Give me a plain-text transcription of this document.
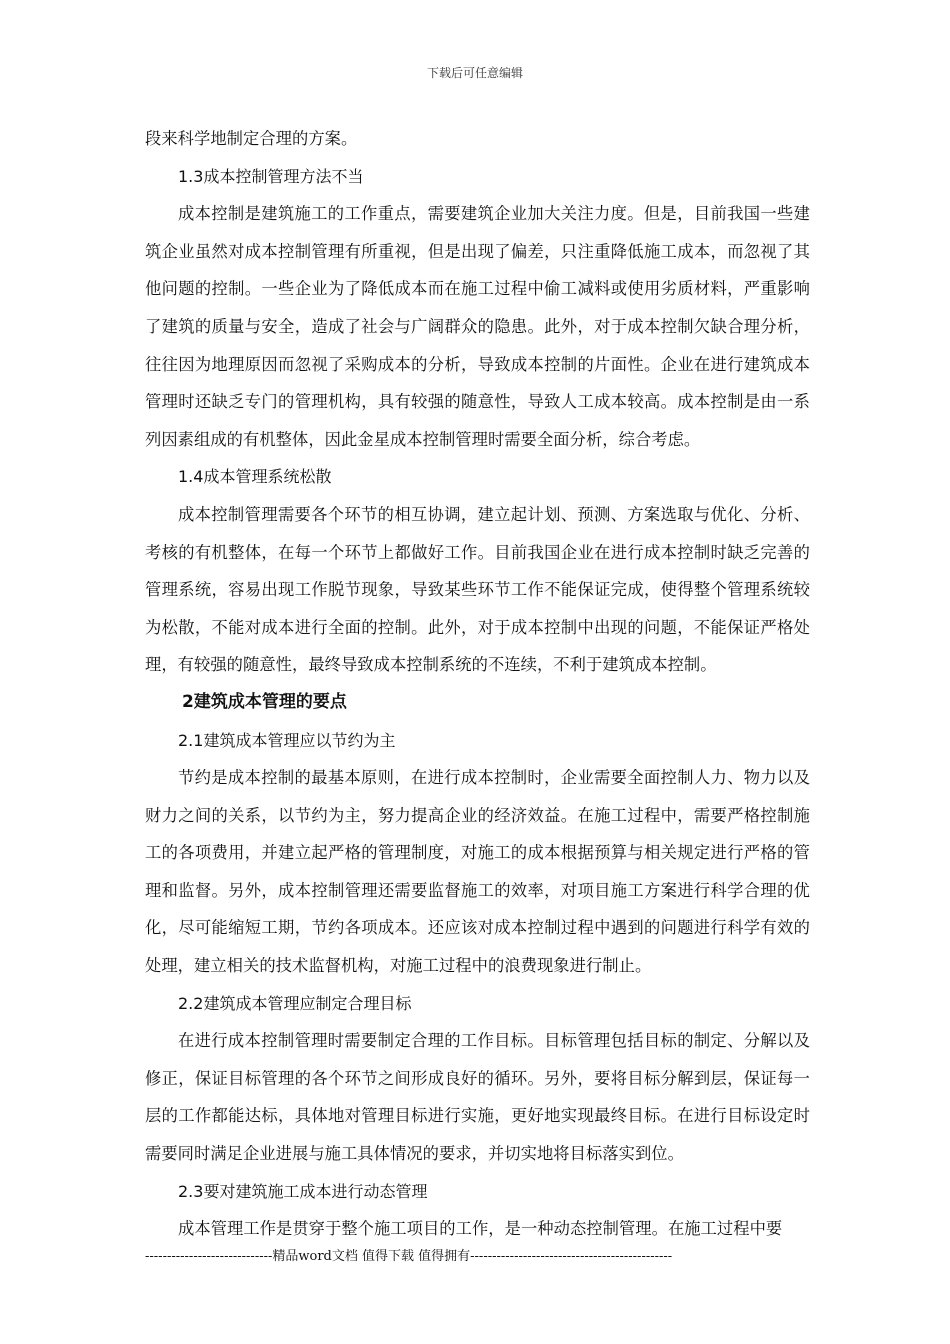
下载后可任意编辑

段来科学地制定合理的方案。

1.3成本控制管理方法不当

成本控制是建筑施工的工作重点，需要建筑企业加大关注力度。但是，目前我国一些建筑企业虽然对成本控制管理有所重视，但是出现了偏差，只注重降低施工成本，而忽视了其他问题的控制。一些企业为了降低成本而在施工过程中偷工减料或使用劣质材料，严重影响了建筑的质量与安全，造成了社会与广阔群众的隐患。此外，对于成本控制欠缺合理分析，往往因为地理原因而忽视了采购成本的分析，导致成本控制的片面性。企业在进行建筑成本管理时还缺乏专门的管理机构，具有较强的随意性，导致人工成本较高。成本控制是由一系列因素组成的有机整体，因此金星成本控制管理时需要全面分析，综合考虑。

1.4成本管理系统松散

成本控制管理需要各个环节的相互协调，建立起计划、预测、方案选取与优化、分析、考核的有机整体，在每一个环节上都做好工作。目前我国企业在进行成本控制时缺乏完善的管理系统，容易出现工作脱节现象，导致某些环节工作不能保证完成，使得整个管理系统较为松散，不能对成本进行全面的控制。此外，对于成本控制中出现的问题，不能保证严格处理，有较强的随意性，最终导致成本控制系统的不连续，不利于建筑成本控制。

2建筑成本管理的要点

2.1建筑成本管理应以节约为主

节约是成本控制的最基本原则，在进行成本控制时，企业需要全面控制人力、物力以及财力之间的关系，以节约为主，努力提高企业的经济效益。在施工过程中，需要严格控制施工的各项费用，并建立起严格的管理制度，对施工的成本根据预算与相关规定进行严格的管理和监督。另外，成本控制管理还需要监督施工的效率，对项目施工方案进行科学合理的优化，尽可能缩短工期，节约各项成本。还应该对成本控制过程中遇到的问题进行科学有效的处理，建立相关的技术监督机构，对施工过程中的浪费现象进行制止。

2.2建筑成本管理应制定合理目标

在进行成本控制管理时需要制定合理的工作目标。目标管理包括目标的制定、分解以及修正，保证目标管理的各个环节之间形成良好的循环。另外，要将目标分解到层，保证每一层的工作都能达标，具体地对管理目标进行实施，更好地实现最终目标。在进行目标设定时需要同时满足企业进展与施工具体情况的要求，并切实地将目标落实到位。

2.3要对建筑施工成本进行动态管理

成本管理工作是贯穿于整个施工项目的工作，是一种动态控制管理。在施工过程中要

-----------------------------精品word文档 值得下载 值得拥有----------------------------------------------
